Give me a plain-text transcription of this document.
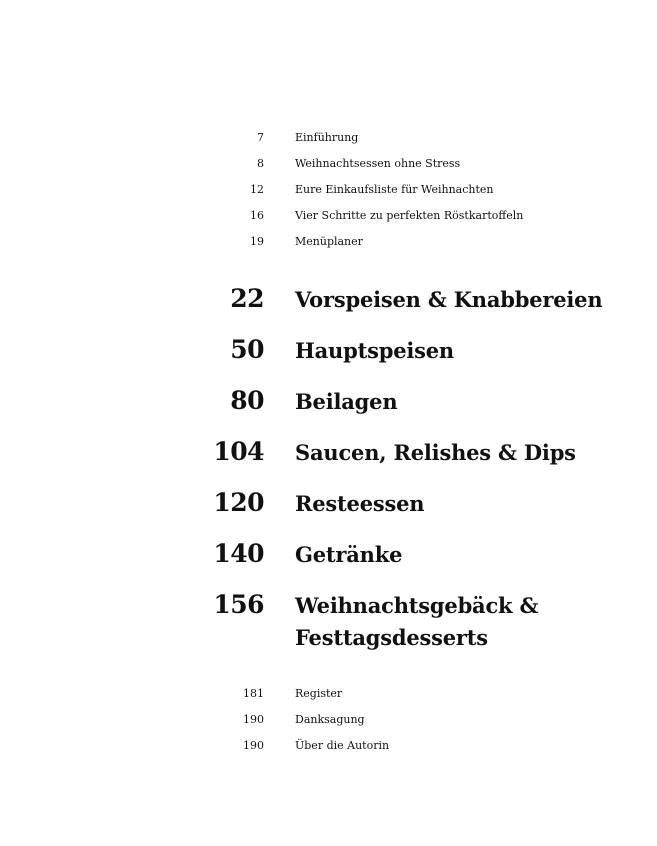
7	Einführung
8	Weihnachtsessen ohne Stress
12	Eure Einkaufsliste für Weihnachten
16	Vier Schritte zu perfekten Röstkartoffeln
19	Menüplaner
22 Vorspeisen & Knabbereien
50 Hauptspeisen
80 Beilagen
104 Saucen, Relishes & Dips
120 Resteessen
140 Getränke
156 Weihnachtsgebäck & Festtagsdesserts
181	Register
190	Danksagung
190	Über die Autorin
